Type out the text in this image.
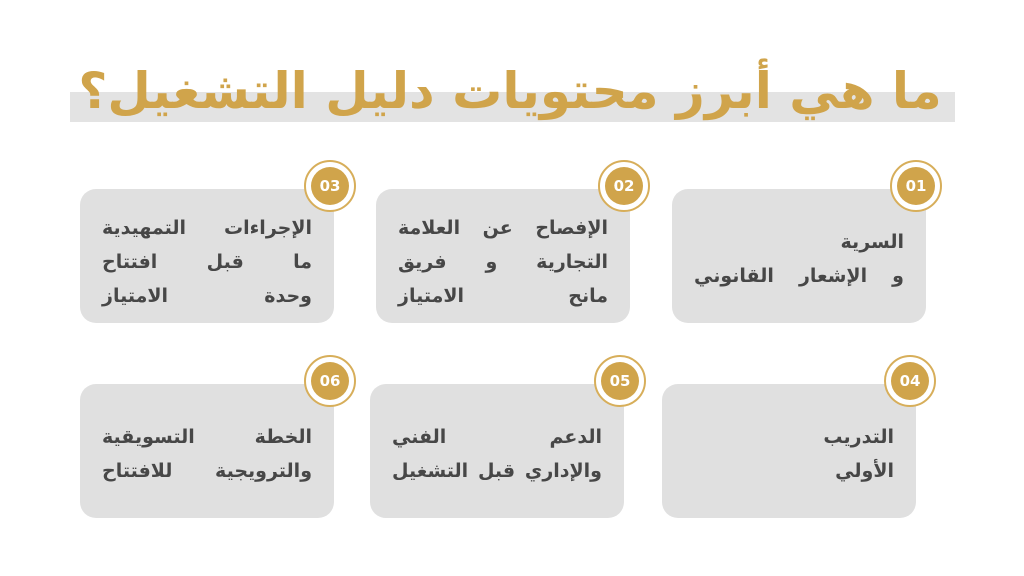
ما هي أبرز محتويات دليل التشغيل؟
السرية
و الإشعار القانوني
01
الإفصاح عن العلامة
التجارية و فريق
مانح الامتياز
02
الإجراءات التمهيدية
ما قبل افتتاح
وحدة الامتياز
03
التدريب
الأولي
04
الدعم الفني
والإداري قبل التشغيل
05
الخطة التسويقية
والترويجية للافتتاح
06
